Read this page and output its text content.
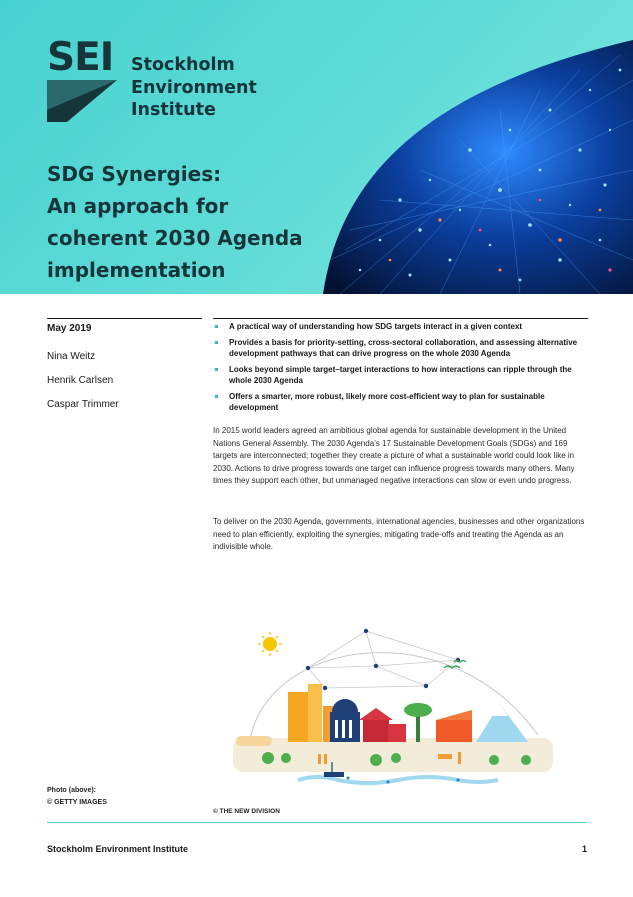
SEI Stockholm
Environment
Institute
SDG Synergies:
An approach for
coherent 2030 Agenda
implementation
May 2019
Nina Weitz
Henrik Carlsen
Caspar Trimmer
A practical way of understanding how SDG targets interact in a given context
Provides a basis for priority-setting, cross-sectoral collaboration, and assessing alternative development pathways that can drive progress on the whole 2030 Agenda
Looks beyond simple target–target interactions to how interactions can ripple through the whole 2030 Agenda
Offers a smarter, more robust, likely more cost-efficient way to plan for sustainable development

In 2015 world leaders agreed an ambitious global agenda for sustainable development in the United Nations General Assembly. The 2030 Agenda’s 17 Sustainable Development Goals (SDGs) and 169 targets are interconnected; together they create a picture of what a sustainable world could look like in 2030. Actions to drive progress towards one target can influence progress towards many others. Many times they support each other, but unmanaged negative interactions can slow or even undo progress.

To deliver on the 2030 Agenda, governments, international agencies, businesses and other organizations need to plan efficiently, exploiting the synergies, mitigating trade-offs and treating the Agenda as an indivisible whole.

Photo (above):
© GETTY IMAGES
© THE NEW DIVISION
Stockholm Environment Institute	1
